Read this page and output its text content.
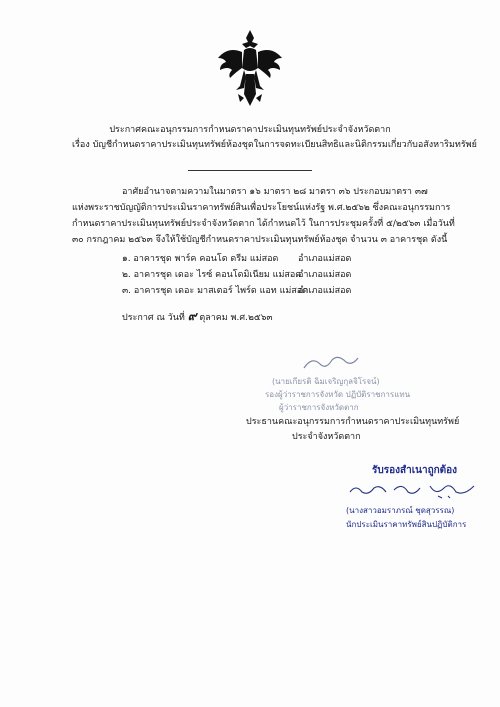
ประกาศคณะอนุกรรมการกำหนดราคาประเมินทุนทรัพย์ประจำจังหวัดตาก
เรื่อง บัญชีกำหนดราคาประเมินทุนทรัพย์ห้องชุดในการจดทะเบียนสิทธิและนิติกรรมเกี่ยวกับอสังหาริมทรัพย์
อาศัยอำนาจตามความในมาตรา ๑๖ มาตรา ๒๘ มาตรา ๓๖ ประกอบมาตรา ๓๗
แห่งพระราชบัญญัติการประเมินราคาทรัพย์สินเพื่อประโยชน์แห่งรัฐ พ.ศ.๒๕๖๒ ซึ่งคณะอนุกรรมการ
กำหนดราคาประเมินทุนทรัพย์ประจำจังหวัดตาก ได้กำหนดไว้ ในการประชุมครั้งที่ ๕/๒๕๖๓ เมื่อวันที่
๓๐ กรกฎาคม ๒๕๖๓ จึงให้ใช้บัญชีกำหนดราคาประเมินทุนทรัพย์ห้องชุด จำนวน ๓ อาคารชุด ดังนี้
๑. อาคารชุด พาร์ค คอนโด ดรีม แม่สอด อำเภอแม่สอด
๒. อาคารชุด เดอะ ไรซ์ คอนโดมิเนียม แม่สอด
อำเภอแม่สอด
๓. อาคารชุด เดอะ มาสเตอร์ ไพร์ด แอท แม่สอด
อำเภอแม่สอด
ประกาศ ณ วันที่ ๙ ตุลาคม พ.ศ.๒๕๖๓
(นายเกียรติ ฉิมเจริญกุลจิโรจน์)
รองผู้ว่าราชการจังหวัด ปฏิบัติราชการแทน
ผู้ว่าราชการจังหวัดตาก
ประธานคณะอนุกรรมการกำหนดราคาประเมินทุนทรัพย์
ประจำจังหวัดตาก
รับรองสำเนาถูกต้อง
(นางสาวอมราภรณ์ ชุดสุวรรณ)
นักประเมินราคาทรัพย์สินปฏิบัติการ
